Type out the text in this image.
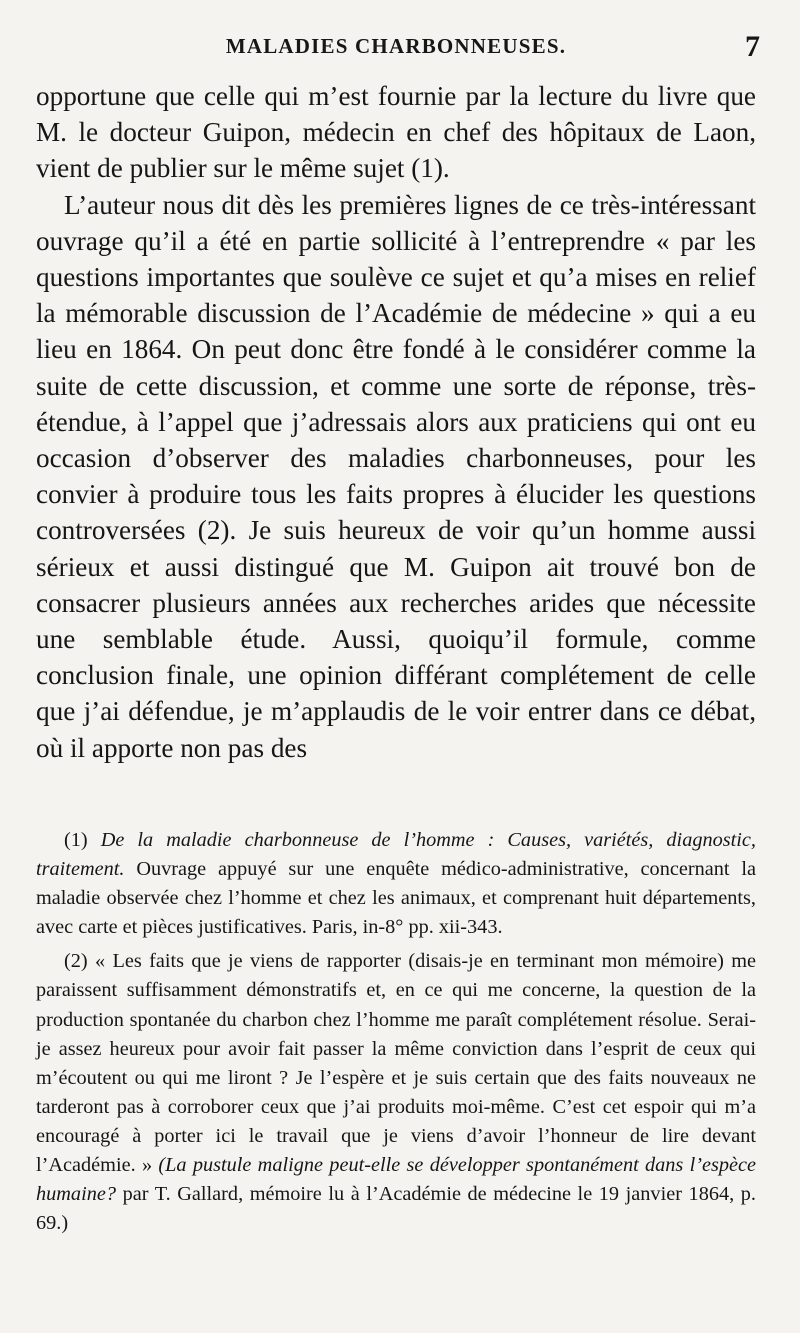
MALADIES CHARBONNEUSES.	7

opportune que celle qui m’est fournie par la lecture du livre que M. le docteur Guipon, médecin en chef des hôpitaux de Laon, vient de publier sur le même sujet (1).

L’auteur nous dit dès les premières lignes de ce très-intéressant ouvrage qu’il a été en partie sollicité à l’entreprendre « par les questions importantes que soulève ce sujet et qu’a mises en relief la mémorable discussion de l’Académie de médecine » qui a eu lieu en 1864. On peut donc être fondé à le considérer comme la suite de cette discussion, et comme une sorte de réponse, très-étendue, à l’appel que j’adressais alors aux praticiens qui ont eu occasion d’observer des maladies charbonneuses, pour les convier à produire tous les faits propres à élucider les questions controversées (2). Je suis heureux de voir qu’un homme aussi sérieux et aussi distingué que M. Guipon ait trouvé bon de consacrer plusieurs années aux recherches arides que nécessite une semblable étude. Aussi, quoiqu’il formule, comme conclusion finale, une opinion différant complétement de celle que j’ai défendue, je m’applaudis de le voir entrer dans ce débat, où il apporte non pas des

(1) De la maladie charbonneuse de l’homme : Causes, variétés, diagnostic, traitement. Ouvrage appuyé sur une enquête médico-administrative, concernant la maladie observée chez l’homme et chez les animaux, et comprenant huit départements, avec carte et pièces justificatives. Paris, in-8° pp. xii-343.

(2) « Les faits que je viens de rapporter (disais-je en terminant mon mémoire) me paraissent suffisamment démonstratifs et, en ce qui me concerne, la question de la production spontanée du charbon chez l’homme me paraît complétement résolue. Serai-je assez heureux pour avoir fait passer la même conviction dans l’esprit de ceux qui m’écoutent ou qui me liront ? Je l’espère et je suis certain que des faits nouveaux ne tarderont pas à corroborer ceux que j’ai produits moi-même. C’est cet espoir qui m’a encouragé à porter ici le travail que je viens d’avoir l’honneur de lire devant l’Académie. » (La pustule maligne peut-elle se développer spontanément dans l’espèce humaine? par T. Gallard, mémoire lu à l’Académie de médecine le 19 janvier 1864, p. 69.)
